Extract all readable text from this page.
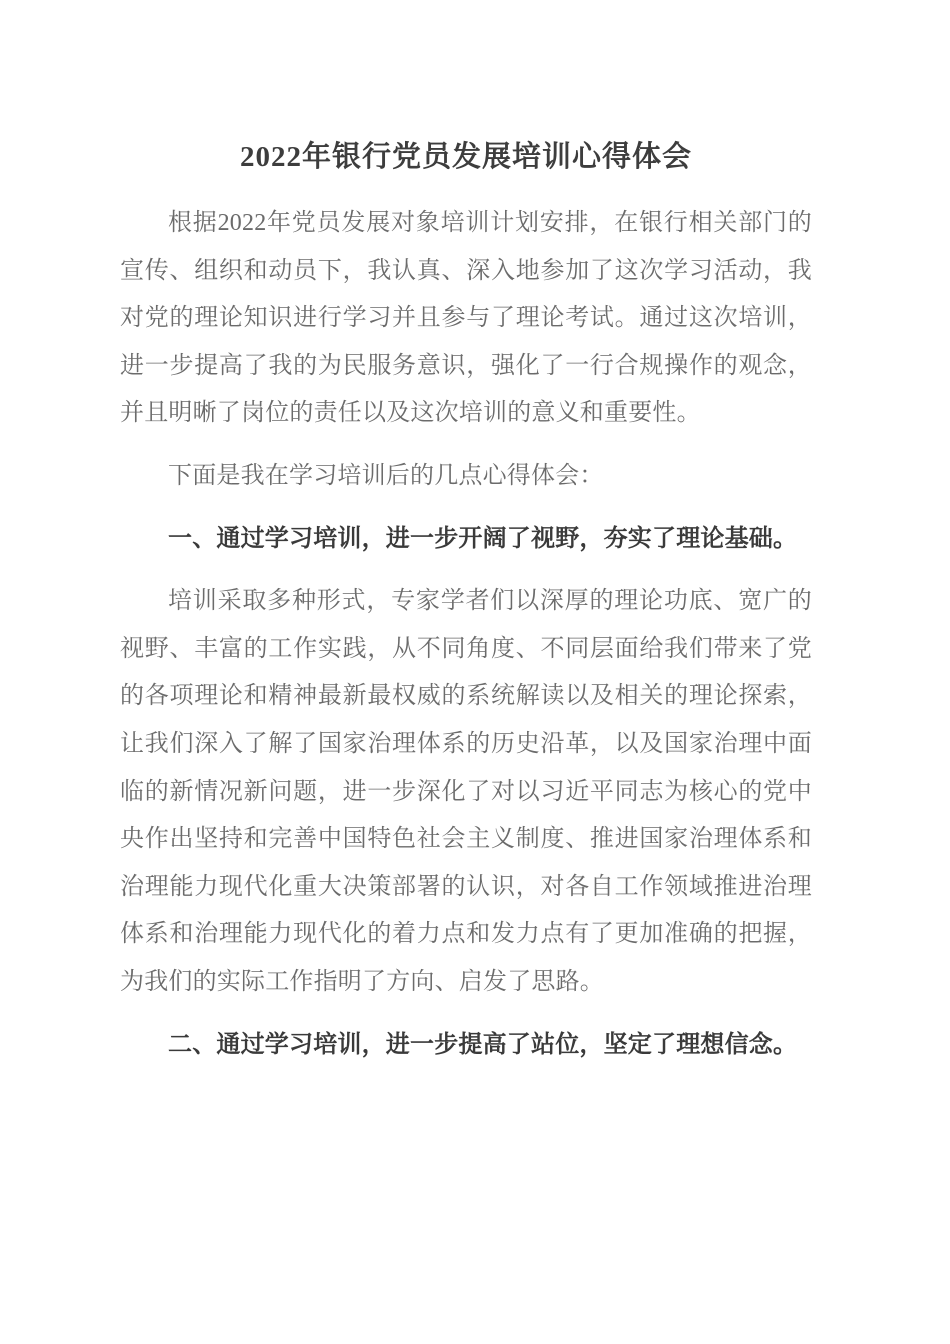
2022年银行党员发展培训心得体会

根据2022年党员发展对象培训计划安排，在银行相关部门的宣传、组织和动员下，我认真、深入地参加了这次学习活动，我对党的理论知识进行学习并且参与了理论考试。通过这次培训，进一步提高了我的为民服务意识，强化了一行合规操作的观念，并且明晰了岗位的责任以及这次培训的意义和重要性。

下面是我在学习培训后的几点心得体会：

一、通过学习培训，进一步开阔了视野，夯实了理论基础。

培训采取多种形式，专家学者们以深厚的理论功底、宽广的视野、丰富的工作实践，从不同角度、不同层面给我们带来了党的各项理论和精神最新最权威的系统解读以及相关的理论探索，让我们深入了解了国家治理体系的历史沿革，以及国家治理中面临的新情况新问题，进一步深化了对以习近平同志为核心的党中央作出坚持和完善中国特色社会主义制度、推进国家治理体系和治理能力现代化重大决策部署的认识，对各自工作领域推进治理体系和治理能力现代化的着力点和发力点有了更加准确的把握，为我们的实际工作指明了方向、启发了思路。

二、通过学习培训，进一步提高了站位，坚定了理想信念。
